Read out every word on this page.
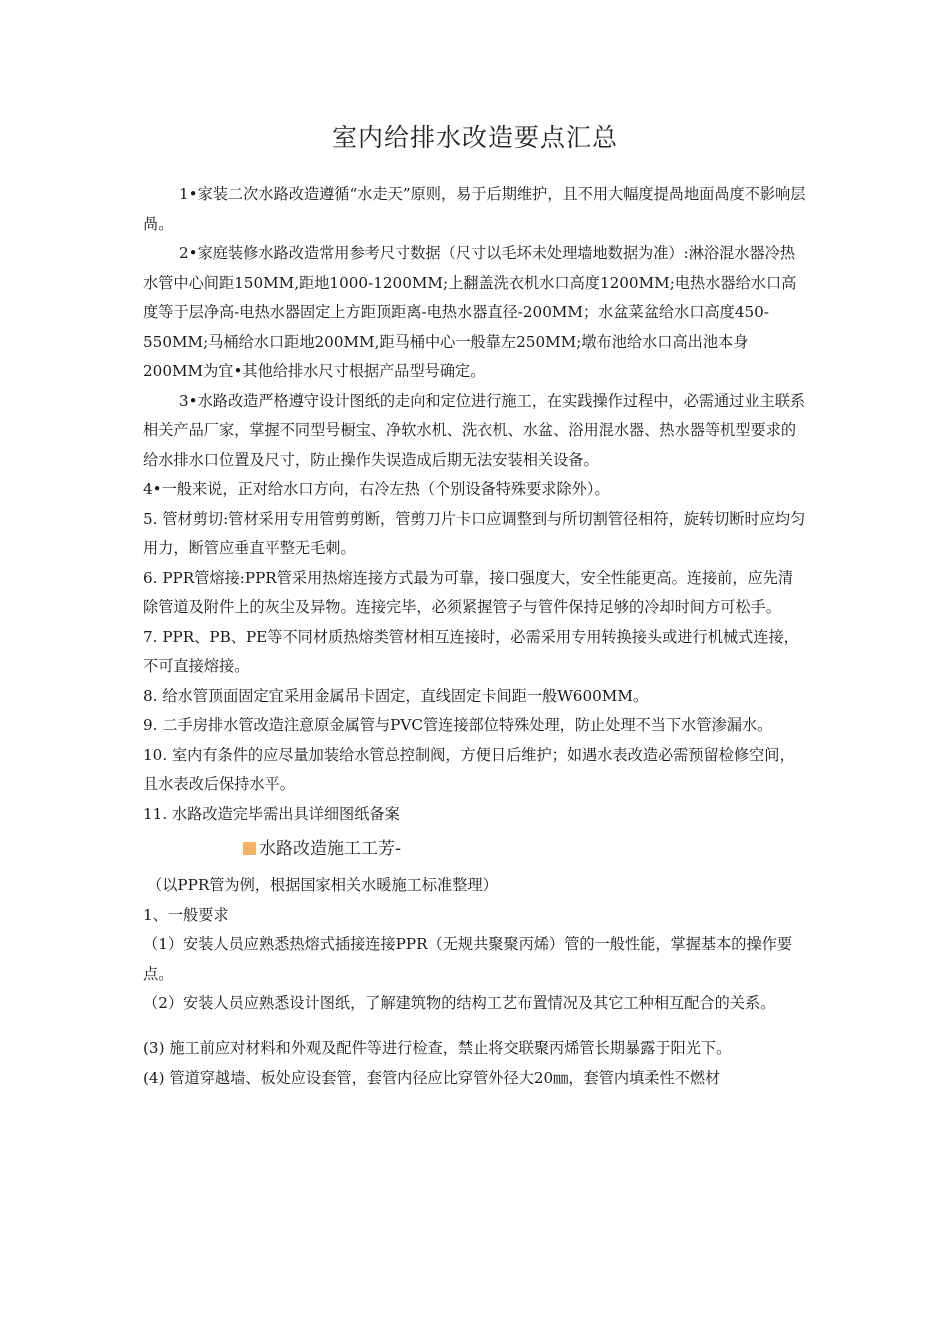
室内给排水改造要点汇总

1•家装二次水路改造遵循“水走天”原则，易于后期维护，且不用大幅度提咼地面咼度不影响层咼。

2•家庭装修水路改造常用参考尺寸数据（尺寸以毛坏未处理墙地数据为准）:淋浴混水器冷热水管中心间距150MM,距地1000-1200MM;上翻盖洗衣机水口高度1200MM;电热水器给水口高度等于层净高-电热水器固定上方距顶距离-电热水器直径-200MM；水盆菜盆给水口高度450-550MM;马桶给水口距地200MM,距马桶中心一般靠左250MM;墩布池给水口高出池本身200MM为宜•其他给排水尺寸根据产品型号确定。

3•水路改造严格遵守设计图纸的走向和定位进行施工，在实践操作过程中，必需通过业主联系相关产品厂家，掌握不同型号橱宝、净软水机、洗衣机、水盆、浴用混水器、热水器等机型要求的给水排水口位置及尺寸，防止操作失误造成后期无法安装相关设备。

4•一般来说，正对给水口方向，右冷左热（个别设备特殊要求除外）。

5. 管材剪切:管材采用专用管剪剪断，管剪刀片卡口应调整到与所切割管径相符，旋转切断时应均匀用力，断管应垂直平整无毛刺。

6. PPR管熔接:PPR管采用热熔连接方式最为可靠，接口强度大，安全性能更高。连接前，应先清除管道及附件上的灰尘及异物。连接完毕，必须紧握管子与管件保持足够的冷却时间方可松手。

7. PPR、PB、PE等不同材质热熔类管材相互连接时，必需采用专用转换接头或进行机械式连接，不可直接熔接。

8. 给水管顶面固定宜采用金属吊卡固定，直线固定卡间距一般W600MM。

9. 二手房排水管改造注意原金属管与PVC管连接部位特殊处理，防止处理不当下水管渗漏水。

10. 室内有条件的应尽量加装给水管总控制阀，方便日后维护；如遇水表改造必需预留检修空间，且水表改后保持水平。

11. 水路改造完毕需出具详细图纸备案

水路改造施工工芳-

（以PPR管为例，根据国家相关水暖施工标准整理）

1、一般要求

（1）安装人员应熟悉热熔式插接连接PPR（无规共聚聚丙烯）管的一般性能，掌握基本的操作要点。

（2）安装人员应熟悉设计图纸，了解建筑物的结构工艺布置情况及其它工种相互配合的关系。

(3) 施工前应对材料和外观及配件等进行检查，禁止将交联聚丙烯管长期暴露于阳光下。

(4) 管道穿越墙、板处应设套管，套管内径应比穿管外径大20㎜，套管内填柔性不燃材
